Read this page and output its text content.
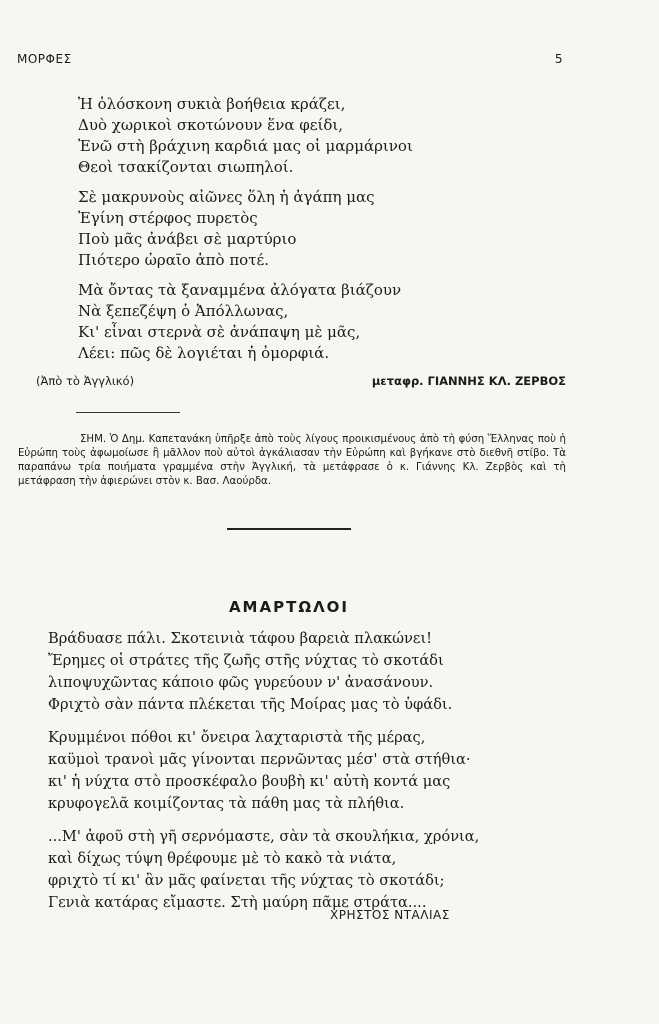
ΜΟΡΦΕΣ	5
Ἡ ὁλόσκονη συκιὰ βοήθεια κράζει,
Δυὸ χωρικοὶ σκοτώνουν ἕνα φείδι,
Ἐνῶ στὴ βράχινη καρδιά μας οἱ μαρμάρινοι
Θεοὶ τσακίζονται σιωπηλοί.
Σὲ μακρυνοὺς αἰῶνες ὅλη ἡ ἀγάπη μας
Ἐγίνη στέρφος πυρετὸς
Ποὺ μᾶς ἀνάβει σὲ μαρτύριο
Πιότερο ὡραῖο ἀπὸ ποτέ.
Μὰ ὄντας τὰ ξαναμμένα ἀλόγατα βιάζουν
Νὰ ξεπεζέψη ὁ Ἀπόλλωνας,
Κι' εἶναι στερνὰ σὲ ἀνάπαψη μὲ μᾶς,
Λέει: πῶς δὲ λογιέται ἡ ὀμορφιά.
(Ἀπὸ τὸ Ἀγγλικό)	μεταφρ. ΓΙΑΝΝΗΣ ΚΛ. ΖΕΡΒΟΣ

ΣΗΜ. Ὁ Δημ. Καπετανάκη ὑπῆρξε ἀπὸ τοὺς λίγους προικισμένους ἀπὸ τὴ φύση Ἕλληνας ποὺ ἡ Εὐρώπη τοὺς ἀφωμοίωσε ἢ μᾶλλον ποὺ αὐτοὶ ἀγκάλιασαν τὴν Εὐρώπη καὶ βγήκανε στὸ διεθνῆ στίβο. Τὰ παραπάνω τρία ποιήματα γραμμένα στὴν Ἀγγλική, τὰ μετάφρασε ὁ κ. Γιάννης Κλ. Ζερβὸς καὶ τὴ μετάφραση τὴν ἀφιερώνει στὸν κ. Βασ. Λαούρδα.

ΑΜΑΡΤΩΛΟΙ
Βράδυασε πάλι. Σκοτεινιὰ τάφου βαρειὰ πλακώνει!
Ἔρημες οἱ στράτες τῆς ζωῆς στῆς νύχτας τὸ σκοτάδι
λιποψυχῶντας κάποιο φῶς γυρεύουν ν' ἀνασάνουν.
Φριχτὸ σὰν πάντα πλέκεται τῆς Μοίρας μας τὸ ὑφάδι.
Κρυμμένοι πόθοι κι' ὄνειρα λαχταριστὰ τῆς μέρας,
καϋμοὶ τρανοὶ μᾶς γίνονται περνῶντας μέσ' στὰ στήθια·
κι' ἡ νύχτα στὸ προσκέφαλο βουβὴ κι' αὐτὴ κοντά μας
κρυφογελᾶ κοιμίζοντας τὰ πάθη μας τὰ πλήθια.
...Μ' ἀφοῦ στὴ γῆ σερνόμαστε, σὰν τὰ σκουλήκια, χρόνια,
καὶ δίχως τύψη θρέφουμε μὲ τὸ κακὸ τὰ νιάτα,
φριχτὸ τί κι' ἂν μᾶς φαίνεται τῆς νύχτας τὸ σκοτάδι;
Γενιὰ κατάρας εἴμαστε. Στὴ μαύρη πᾶμε στράτα....
ΧΡΗΣΤΟΣ ΝΤΑΛΙΑΣ
